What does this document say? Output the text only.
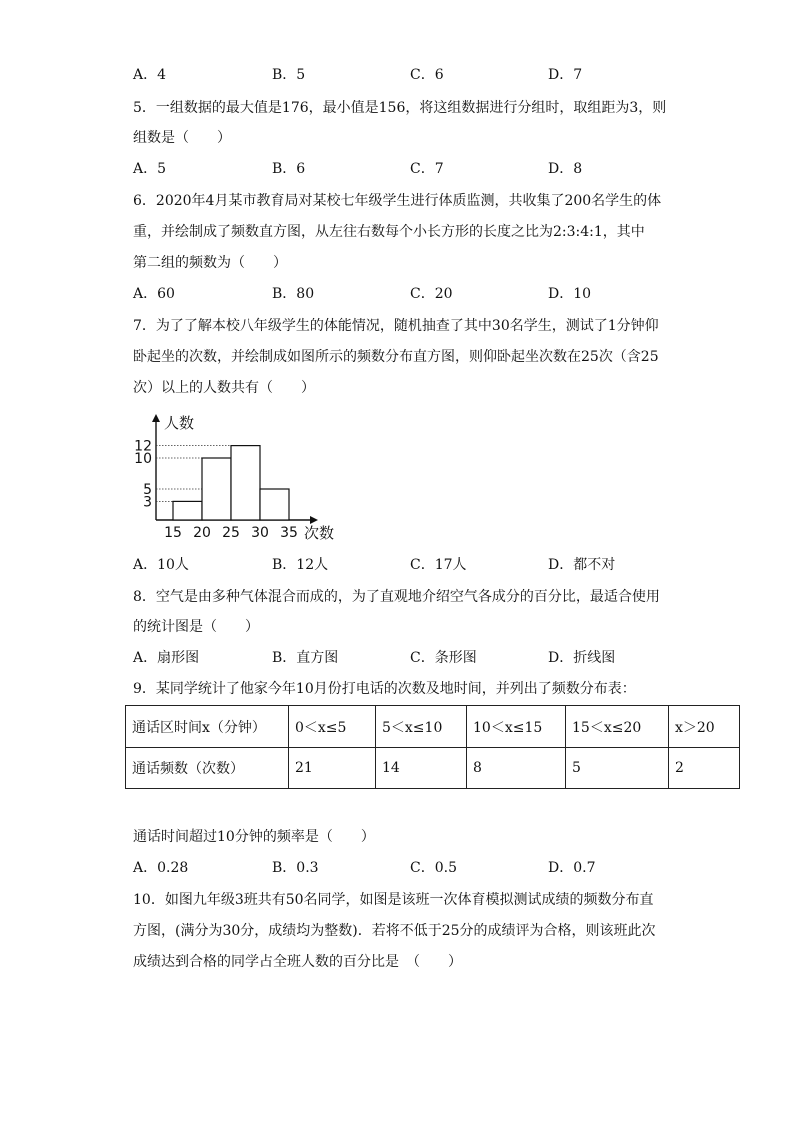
A．4	B．5	C．6	D．7
5．一组数据的最大值是176，最小值是156，将这组数据进行分组时，取组距为3，则
组数是（　　）
A．5	B．6	C．7	D．8
6．2020年4月某市教育局对某校七年级学生进行体质监测，共收集了200名学生的体
重，并绘制成了频数直方图，从左往右数每个小长方形的长度之比为2:3:4:1，其中
第二组的频数为（　　）
A．60	B．80	C．20	D．10
7．为了了解本校八年级学生的体能情况，随机抽查了其中30名学生，测试了1分钟仰
卧起坐的次数，并绘制成如图所示的频数分布直方图，则仰卧起坐次数在25次（含25
次）以上的人数共有（　　）
人数
次数
3
5
10
12
15 20 25 30 35
A．10人	B．12人	C．17人	D．都不对
8．空气是由多种气体混合而成的，为了直观地介绍空气各成分的百分比，最适合使用
的统计图是（　　）
A．扇形图	B．直方图	C．条形图	D．折线图
9．某同学统计了他家今年10月份打电话的次数及地时间，并列出了频数分布表：
通话区时间x（分钟）	0＜x≤5	5＜x≤10	10＜x≤15	15＜x≤20	x＞20
通话频数（次数）	21	14	8	5	2
通话时间超过10分钟的频率是（　　）
A．0.28	B．0.3	C．0.5	D．0.7
10．如图九年级3班共有50名同学，如图是该班一次体育模拟测试成绩的频数分布直
方图，(满分为30分，成绩均为整数)．若将不低于25分的成绩评为合格，则该班此次
成绩达到合格的同学占全班人数的百分比是　（　　）
